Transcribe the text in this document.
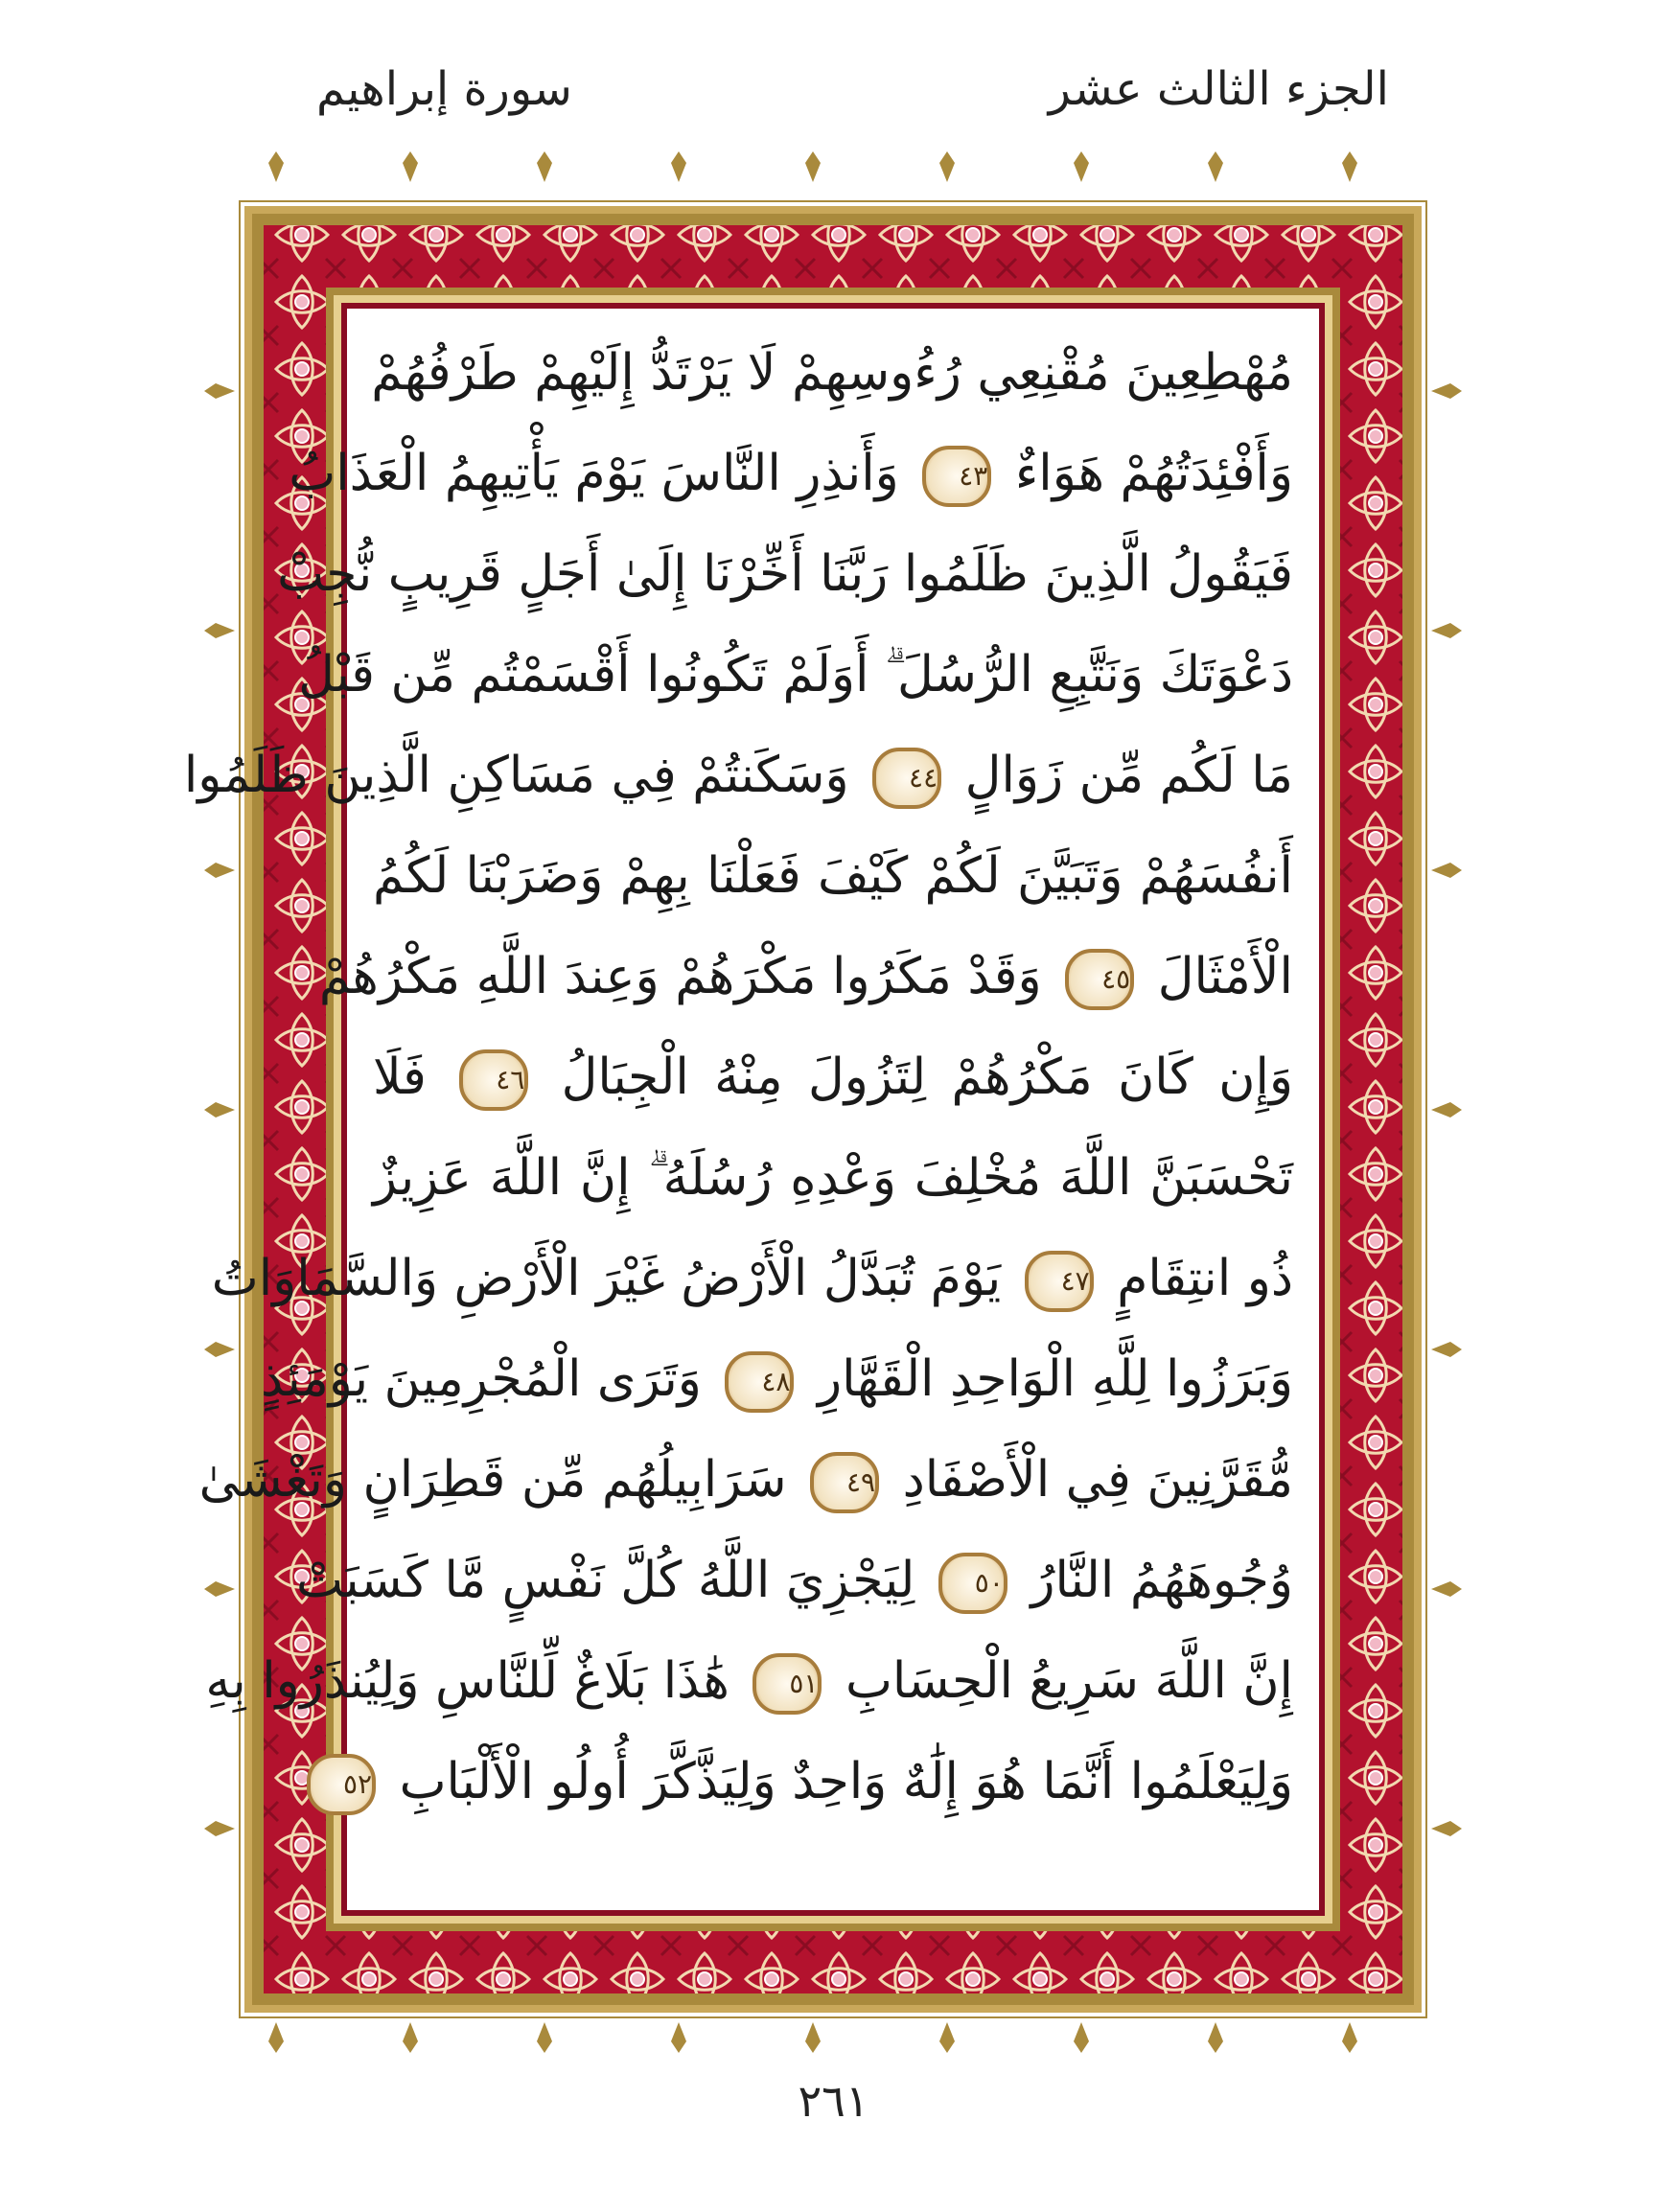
الجزء الثالث عشر
سورة إبراهيم
مُهْطِعِينَ مُقْنِعِي رُءُوسِهِمْ لَا يَرْتَدُّ إِلَيْهِمْ طَرْفُهُمْ
وَأَفْئِدَتُهُمْ هَوَاءٌ ٤٣ وَأَنذِرِ النَّاسَ يَوْمَ يَأْتِيهِمُ الْعَذَابُ
فَيَقُولُ الَّذِينَ ظَلَمُوا رَبَّنَا أَخِّرْنَا إِلَىٰ أَجَلٍ قَرِيبٍ نُّجِبْ
دَعْوَتَكَ وَنَتَّبِعِ الرُّسُلَ ۗ أَوَلَمْ تَكُونُوا أَقْسَمْتُم مِّن قَبْلُ
مَا لَكُم مِّن زَوَالٍ ٤٤ وَسَكَنتُمْ فِي مَسَاكِنِ الَّذِينَ ظَلَمُوا
أَنفُسَهُمْ وَتَبَيَّنَ لَكُمْ كَيْفَ فَعَلْنَا بِهِمْ وَضَرَبْنَا لَكُمُ
الْأَمْثَالَ ٤٥ وَقَدْ مَكَرُوا مَكْرَهُمْ وَعِندَ اللَّهِ مَكْرُهُمْ
وَإِن كَانَ مَكْرُهُمْ لِتَزُولَ مِنْهُ الْجِبَالُ ٤٦ فَلَا
تَحْسَبَنَّ اللَّهَ مُخْلِفَ وَعْدِهِ رُسُلَهُ ۗ إِنَّ اللَّهَ عَزِيزٌ
ذُو انتِقَامٍ ٤٧ يَوْمَ تُبَدَّلُ الْأَرْضُ غَيْرَ الْأَرْضِ وَالسَّمَاوَاتُ
وَبَرَزُوا لِلَّهِ الْوَاحِدِ الْقَهَّارِ ٤٨ وَتَرَى الْمُجْرِمِينَ يَوْمَئِذٍ
مُّقَرَّنِينَ فِي الْأَصْفَادِ ٤٩ سَرَابِيلُهُم مِّن قَطِرَانٍ وَتَغْشَىٰ
وُجُوهَهُمُ النَّارُ ٥٠ لِيَجْزِيَ اللَّهُ كُلَّ نَفْسٍ مَّا كَسَبَتْ
إِنَّ اللَّهَ سَرِيعُ الْحِسَابِ ٥١ هَٰذَا بَلَاغٌ لِّلنَّاسِ وَلِيُنذَرُوا بِهِ
وَلِيَعْلَمُوا أَنَّمَا هُوَ إِلَٰهٌ وَاحِدٌ وَلِيَذَّكَّرَ أُولُو الْأَلْبَابِ ٥٢
٢٦١
